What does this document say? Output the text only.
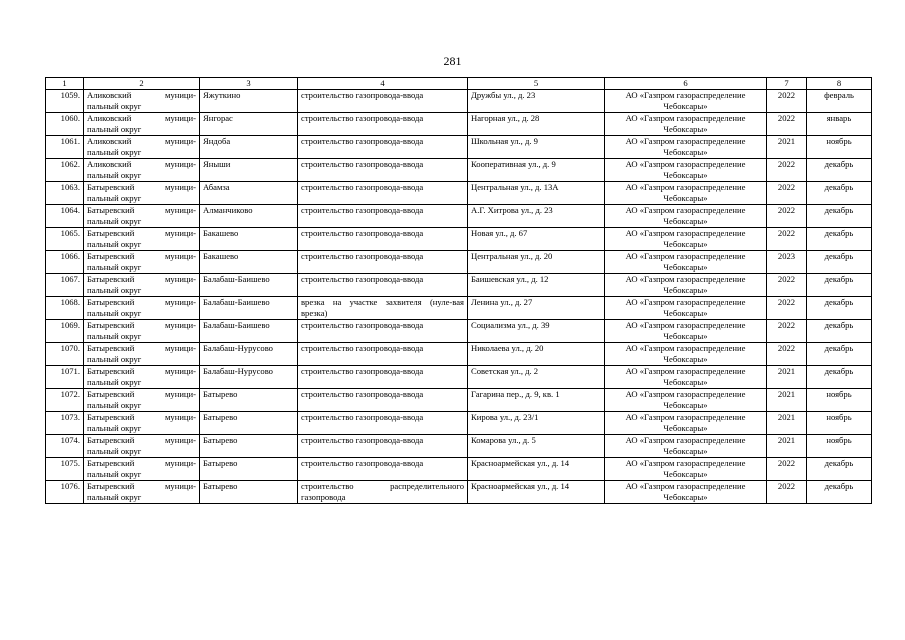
281
1	2	3	4	5	6	7	8
1059.	Аликовский муници-пальный округ	Яжуткино	строительство газопровода-ввода	Дружбы ул., д. 23	АО «Газпром газораспределение Чебоксары»	2022	февраль
1060.	Аликовский муници-пальный округ	Янгорас	строительство газопровода-ввода	Нагорная ул., д. 28	АО «Газпром газораспределение Чебоксары»	2022	январь
1061.	Аликовский муници-пальный округ	Яндоба	строительство газопровода-ввода	Школьная ул., д. 9	АО «Газпром газораспределение Чебоксары»	2021	ноябрь
1062.	Аликовский муници-пальный округ	Яныши	строительство газопровода-ввода	Кооперативная ул., д. 9	АО «Газпром газораспределение Чебоксары»	2022	декабрь
1063.	Батыревский муници-пальный округ	Абамза	строительство газопровода-ввода	Центральная ул., д. 13А	АО «Газпром газораспределение Чебоксары»	2022	декабрь
1064.	Батыревский муници-пальный округ	Алманчиково	строительство газопровода-ввода	А.Г. Хитрова ул., д. 23	АО «Газпром газораспределение Чебоксары»	2022	декабрь
1065.	Батыревский муници-пальный округ	Бакашево	строительство газопровода-ввода	Новая ул., д. 67	АО «Газпром газораспределение Чебоксары»	2022	декабрь
1066.	Батыревский муници-пальный округ	Бакашево	строительство газопровода-ввода	Центральная ул., д. 20	АО «Газпром газораспределение Чебоксары»	2023	декабрь
1067.	Батыревский муници-пальный округ	Балабаш-Баишево	строительство газопровода-ввода	Баишевская ул., д. 12	АО «Газпром газораспределение Чебоксары»	2022	декабрь
1068.	Батыревский муници-пальный округ	Балабаш-Баишево	врезка на участке захвителя (нуле-вая врезка)	Ленина ул., д. 27	АО «Газпром газораспределение Чебоксары»	2022	декабрь
1069.	Батыревский муници-пальный округ	Балабаш-Баишево	строительство газопровода-ввода	Социализма ул., д. 39	АО «Газпром газораспределение Чебоксары»	2022	декабрь
1070.	Батыревский муници-пальный округ	Балабаш-Нурусово	строительство газопровода-ввода	Николаева ул., д. 20	АО «Газпром газораспределение Чебоксары»	2022	декабрь
1071.	Батыревский муници-пальный округ	Балабаш-Нурусово	строительство газопровода-ввода	Советская ул., д. 2	АО «Газпром газораспределение Чебоксары»	2021	декабрь
1072.	Батыревский муници-пальный округ	Батырево	строительство газопровода-ввода	Гагарина пер., д. 9, кв. 1	АО «Газпром газораспределение Чебоксары»	2021	ноябрь
1073.	Батыревский муници-пальный округ	Батырево	строительство газопровода-ввода	Кирова ул., д. 23/1	АО «Газпром газораспределение Чебоксары»	2021	ноябрь
1074.	Батыревский муници-пальный округ	Батырево	строительство газопровода-ввода	Комарова ул., д. 5	АО «Газпром газораспределение Чебоксары»	2021	ноябрь
1075.	Батыревский муници-пальный округ	Батырево	строительство газопровода-ввода	Красноармейская ул., д. 14	АО «Газпром газораспределение Чебоксары»	2022	декабрь
1076.	Батыревский муници-пальный округ	Батырево	строительство распределительного газопровода	Красноармейская ул., д. 14	АО «Газпром газораспределение Чебоксары»	2022	декабрь
